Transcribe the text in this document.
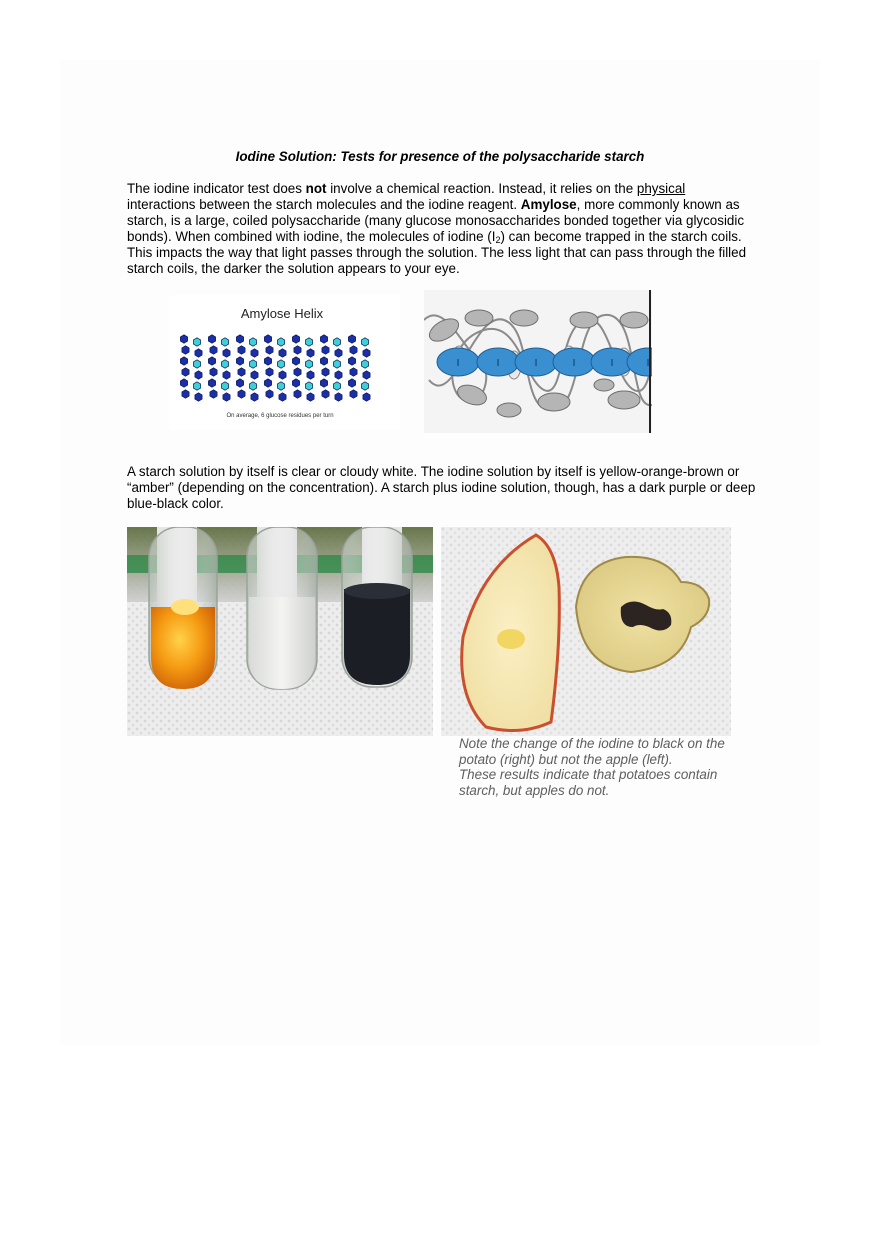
Iodine Solution: Tests for presence of the polysaccharide starch
The iodine indicator test does not involve a chemical reaction. Instead, it relies on the physical interactions between the starch molecules and the iodine reagent. Amylose, more commonly known as starch, is a large, coiled polysaccharide (many glucose monosaccharides bonded together via glycosidic bonds). When combined with iodine, the molecules of iodine $(I_2)$ can become trapped in the starch coils. This impacts the way that light passes through the solution. The less light that can pass through the filled starch coils, the darker the solution appears to your eye.
Amylose Helix
On average, 6 glucose residues per turn
I	I	I	I	I	I
A starch solution by itself is clear or cloudy white. The iodine solution by itself is yellow-orange-brown or “amber” (depending on the concentration). A starch plus iodine solution, though, has a dark purple or deep blue-black color.
Note the change of the iodine to black on the potato (right) but not the apple (left).
These results indicate that potatoes contain starch, but apples do not.
